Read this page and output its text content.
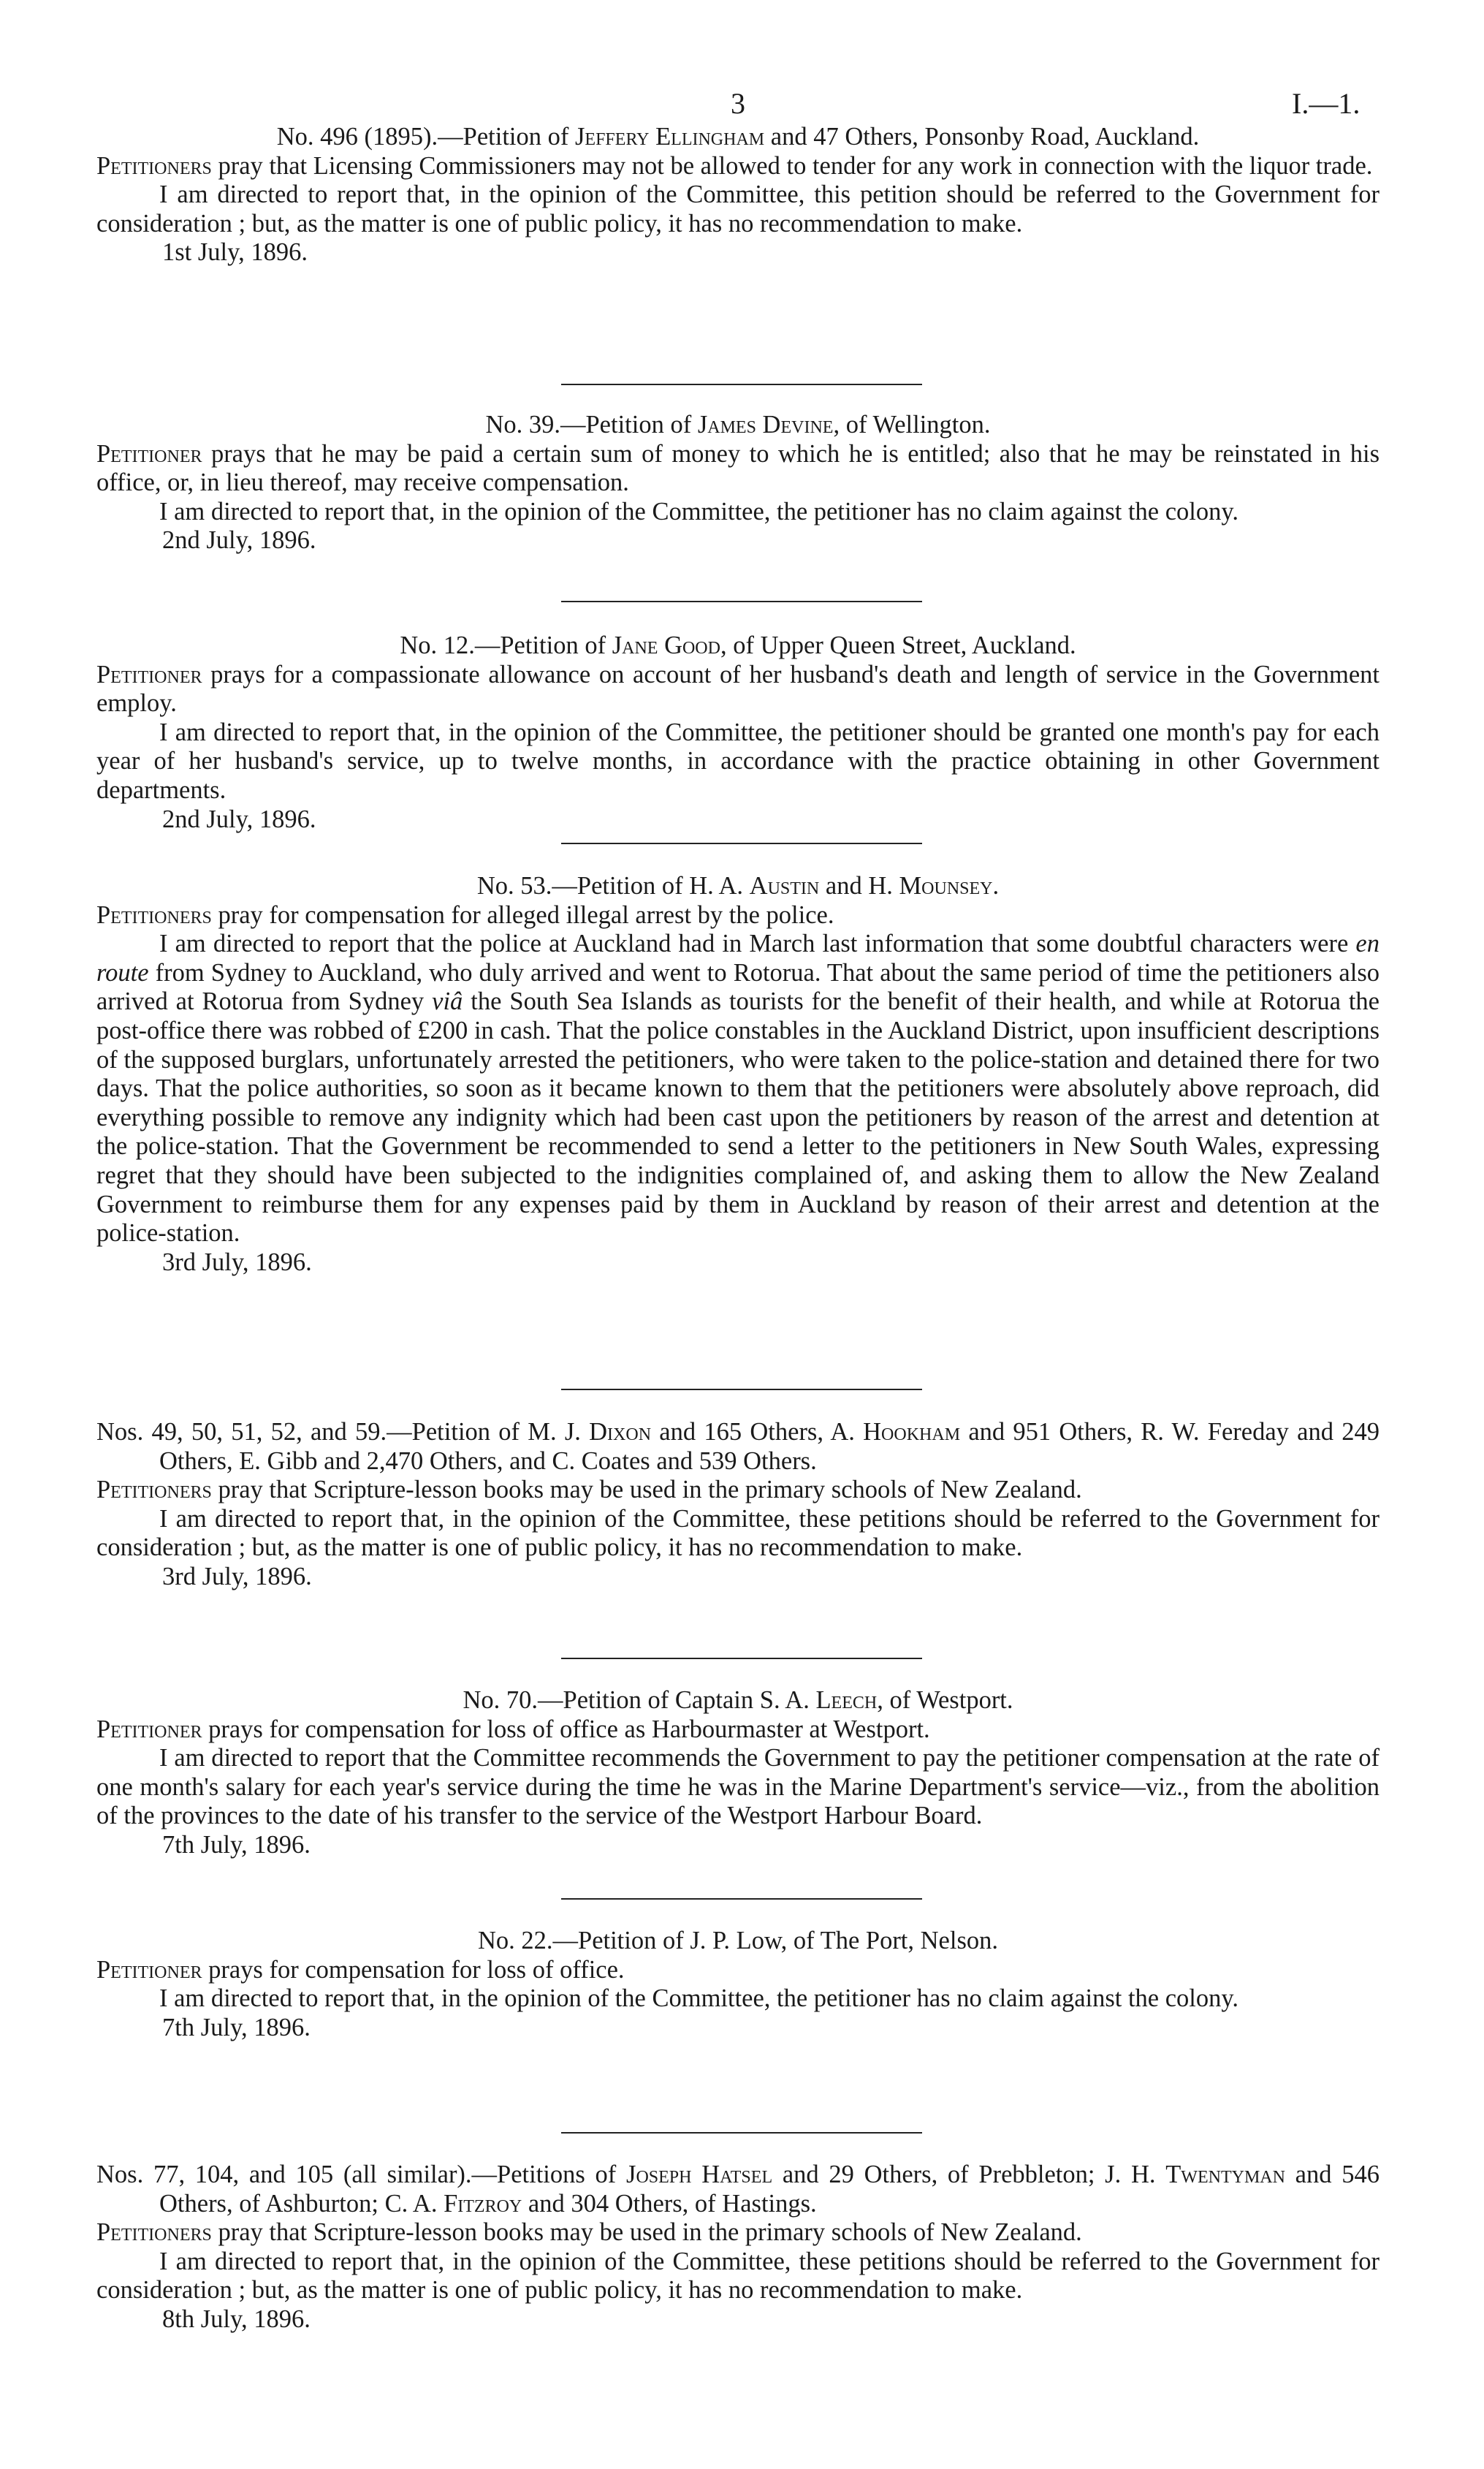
3	I.—1.
No. 496 (1895).—Petition of Jeffery Ellingham and 47 Others, Ponsonby Road, Auckland.
Petitioners pray that Licensing Commissioners may not be allowed to tender for any work in connection with the liquor trade.
I am directed to report that, in the opinion of the Committee, this petition should be referred to the Government for consideration ; but, as the matter is one of public policy, it has no recommendation to make.
1st July, 1896.
No. 39.—Petition of James Devine, of Wellington.
Petitioner prays that he may be paid a certain sum of money to which he is entitled; also that he may be reinstated in his office, or, in lieu thereof, may receive compensation.
I am directed to report that, in the opinion of the Committee, the petitioner has no claim against the colony.
2nd July, 1896.
No. 12.—Petition of Jane Good, of Upper Queen Street, Auckland.
Petitioner prays for a compassionate allowance on account of her husband's death and length of service in the Government employ.
I am directed to report that, in the opinion of the Committee, the petitioner should be granted one month's pay for each year of her husband's service, up to twelve months, in accordance with the practice obtaining in other Government departments.
2nd July, 1896.
No. 53.—Petition of H. A. Austin and H. Mounsey.
Petitioners pray for compensation for alleged illegal arrest by the police.
I am directed to report that the police at Auckland had in March last information that some doubtful characters were en route from Sydney to Auckland, who duly arrived and went to Rotorua. That about the same period of time the petitioners also arrived at Rotorua from Sydney viâ the South Sea Islands as tourists for the benefit of their health, and while at Rotorua the post-office there was robbed of £200 in cash. That the police constables in the Auckland District, upon insufficient descriptions of the supposed burglars, unfortunately arrested the petitioners, who were taken to the police-station and detained there for two days. That the police authorities, so soon as it became known to them that the petitioners were absolutely above reproach, did everything possible to remove any indignity which had been cast upon the petitioners by reason of the arrest and detention at the police-station. That the Government be recommended to send a letter to the petitioners in New South Wales, expressing regret that they should have been subjected to the indignities complained of, and asking them to allow the New Zealand Government to reimburse them for any expenses paid by them in Auckland by reason of their arrest and detention at the police-station.
3rd July, 1896.
Nos. 49, 50, 51, 52, and 59.—Petition of M. J. Dixon and 165 Others, A. Hookham and 951 Others, R. W. Fereday and 249 Others, E. Gibb and 2,470 Others, and C. Coates and 539 Others.
Petitioners pray that Scripture-lesson books may be used in the primary schools of New Zealand.
I am directed to report that, in the opinion of the Committee, these petitions should be referred to the Government for consideration ; but, as the matter is one of public policy, it has no recommendation to make.
3rd July, 1896.
No. 70.—Petition of Captain S. A. Leech, of Westport.
Petitioner prays for compensation for loss of office as Harbourmaster at Westport.
I am directed to report that the Committee recommends the Government to pay the petitioner compensation at the rate of one month's salary for each year's service during the time he was in the Marine Department's service—viz., from the abolition of the provinces to the date of his transfer to the service of the Westport Harbour Board.
7th July, 1896.
No. 22.—Petition of J. P. Low, of The Port, Nelson.
Petitioner prays for compensation for loss of office.
I am directed to report that, in the opinion of the Committee, the petitioner has no claim against the colony.
7th July, 1896.
Nos. 77, 104, and 105 (all similar).—Petitions of Joseph Hatsel and 29 Others, of Prebbleton; J. H. Twentyman and 546 Others, of Ashburton; C. A. Fitzroy and 304 Others, of Hastings.
Petitioners pray that Scripture-lesson books may be used in the primary schools of New Zealand.
I am directed to report that, in the opinion of the Committee, these petitions should be referred to the Government for consideration ; but, as the matter is one of public policy, it has no recommendation to make.
8th July, 1896.
